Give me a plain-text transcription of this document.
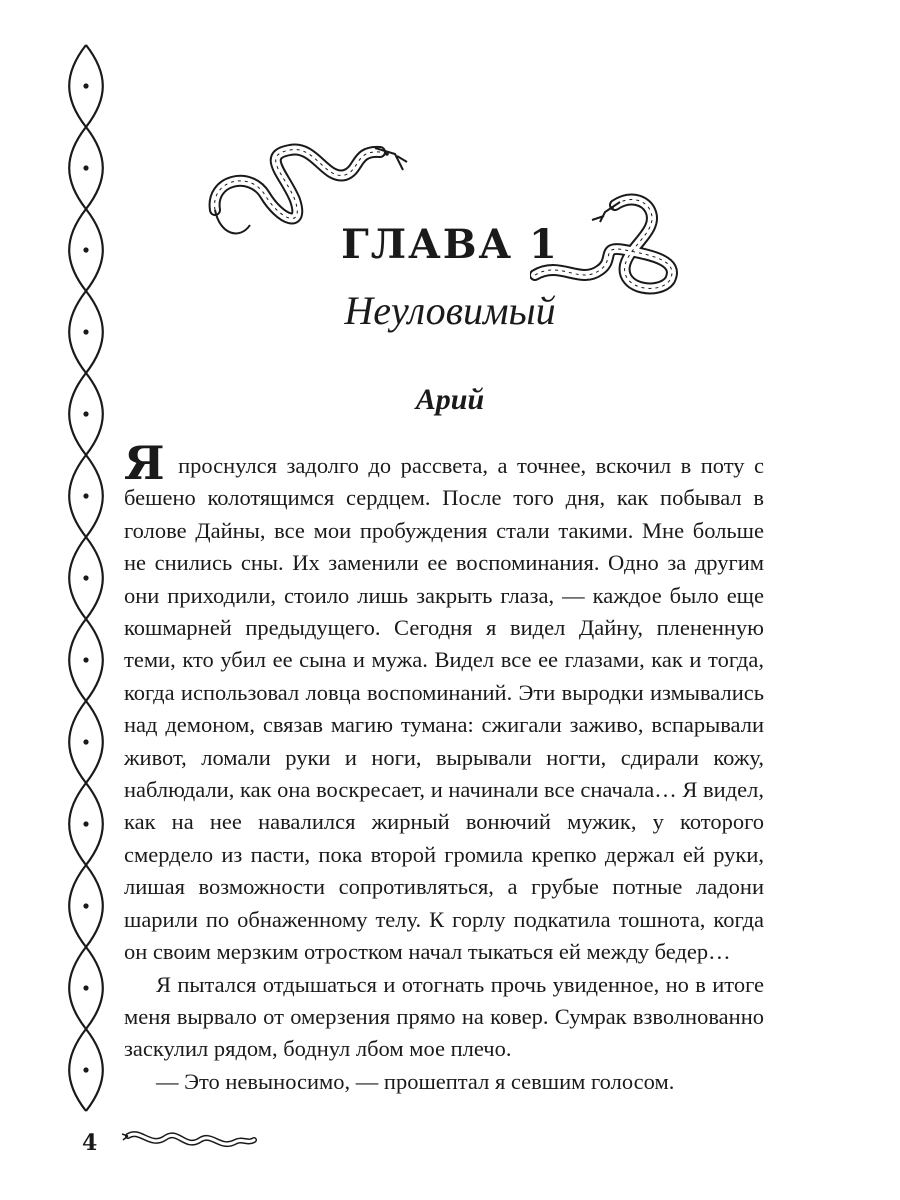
ГЛАВА 1
Неуловимый
Арий

Я проснулся задолго до рассвета, а точнее, вскочил в поту с бешено колотящимся сердцем. После того дня, как побывал в голове Дайны, все мои пробуждения стали такими. Мне больше не снились сны. Их заменили ее воспоминания. Одно за другим они приходили, стоило лишь закрыть глаза, — каждое было еще кошмарней предыдущего. Сегодня я видел Дайну, плененную теми, кто убил ее сына и мужа. Видел все ее глазами, как и тогда, когда использовал ловца воспоминаний. Эти выродки измывались над демоном, связав магию тумана: сжигали заживо, вспарывали живот, ломали руки и ноги, вырывали ногти, сдирали кожу, наблюдали, как она воскресает, и начинали все сначала… Я видел, как на нее навалился жирный вонючий мужик, у которого смердело из пасти, пока второй громила крепко держал ей руки, лишая возможности сопротивляться, а грубые потные ладони шарили по обнаженному телу. К горлу подкатила тошнота, когда он своим мерзким отростком начал тыкаться ей между бедер…

Я пытался отдышаться и отогнать прочь увиденное, но в итоге меня вырвало от омерзения прямо на ковер. Сумрак взволнованно заскулил рядом, боднул лбом мое плечо.

— Это невыносимо, — прошептал я севшим голосом.

4
